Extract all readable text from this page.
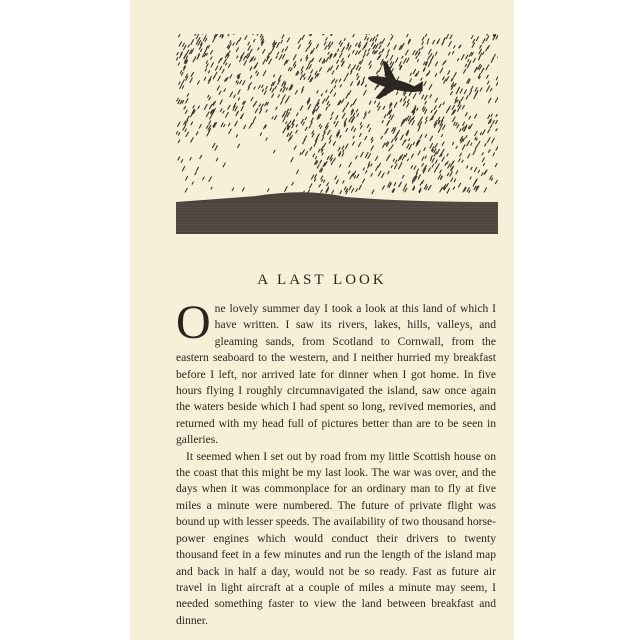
A LAST LOOK

One lovely summer day I took a look at this land of which I have written. I saw its rivers, lakes, hills, valleys, and gleaming sands, from Scotland to Cornwall, from the eastern seaboard to the western, and I neither hurried my breakfast before I left, nor arrived late for dinner when I got home. In five hours flying I roughly circumnavigated the island, saw once again the waters beside which I had spent so long, revived memories, and returned with my head full of pictures better than are to be seen in galleries.

It seemed when I set out by road from my little Scottish house on the coast that this might be my last look. The war was over, and the days when it was commonplace for an ordinary man to fly at five miles a minute were numbered. The future of private flight was bound up with lesser speeds. The availability of two thousand horse-power engines which would conduct their drivers to twenty thousand feet in a few minutes and run the length of the island map and back in half a day, would not be so ready. Fast as future air travel in light aircraft at a couple of miles a minute may seem, I needed something faster to view the land between breakfast and dinner.
